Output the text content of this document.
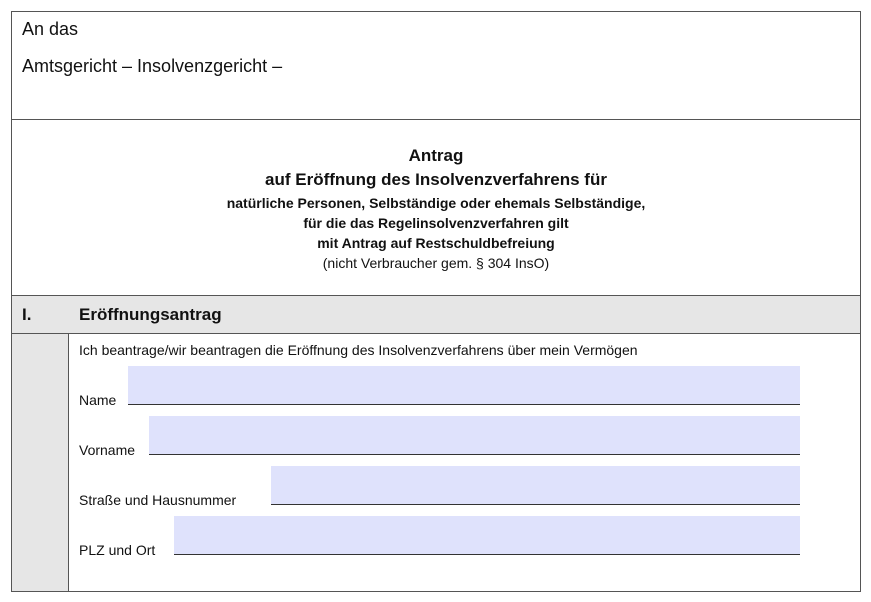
An das
Amtsgericht – Insolvenzgericht –
Antrag
auf Eröffnung des Insolvenzverfahrens für
natürliche Personen, Selbständige oder ehemals Selbständige,
für die das Regelinsolvenzverfahren gilt
mit Antrag auf Restschuldbefreiung
(nicht Verbraucher gem. § 304 InsO)
I.	Eröffnungsantrag
Ich beantrage/wir beantragen die Eröffnung des Insolvenzverfahrens über mein Vermögen
Name
Vorname
Straße und Hausnummer
PLZ und Ort
